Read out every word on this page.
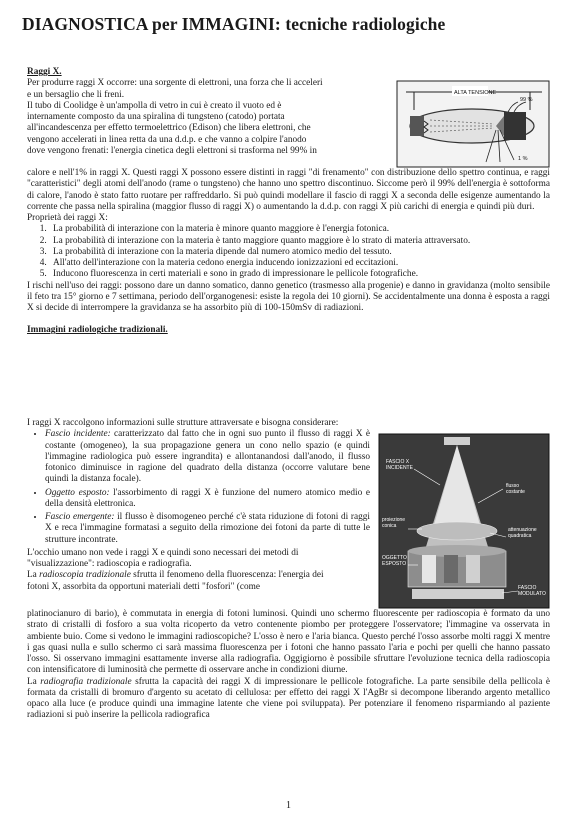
DIAGNOSTICA per IMMAGINI: tecniche radiologiche

Raggi X.

Per produrre raggi X occorre: una sorgente di elettroni, una forza che li acceleri

e un bersaglio che li freni.

Il tubo di Coolidge è un'ampolla di vetro in cui è creato il vuoto ed è

internamente composto da una spiralina di tungsteno (catodo) portata

all'incandescenza per effetto termoelettrico (Edison) che libera elettroni, che

vengono accelerati in linea retta da una d.d.p. e che vanno a colpire l'anodo

dove vengono frenati: l'energia cinetica degli elettroni si trasforma nel 99% in

ALTA TENSIONE
99 %
1 %

calore e nell'1% in raggi X. Questi raggi X possono essere distinti in raggi "di frenamento" con distribuzione dello spettro continua, e raggi "caratteristici" degli atomi dell'anodo (rame o tungsteno) che hanno uno spettro discontinuo. Siccome però il 99% dell'energia è sottoforma di calore, l'anodo è stato fatto ruotare per raffreddarlo. Si può quindi modellare il fascio di raggi X a seconda delle esigenze aumentando la corrente che passa nella spiralina (maggior flusso di raggi X) o aumentando la d.d.p. con raggi X più carichi di energia e quindi più duri.

Proprietà dei raggi X:

1. La probabilità di interazione con la materia è minore quanto maggiore è l'energia fotonica.
2. La probabilità di interazione con la materia è tanto maggiore quanto maggiore è lo strato di materia attraversato.
3. La probabilità di interazione con la materia dipende dal numero atomico medio del tessuto.
4. All'atto dell'interazione con la materia cedono energia inducendo ionizzazioni ed eccitazioni.
5. Inducono fluorescenza in certi materiali e sono in grado di impressionare le pellicole fotografiche.

I rischi nell'uso dei raggi: possono dare un danno somatico, danno genetico (trasmesso alla progenie) e danno in gravidanza (molto sensibile il feto tra 15° giorno e 7 settimana, periodo dell'organogenesi: esiste la regola dei 10 giorni). Se accidentalmente una donna è esposta a raggi X si decide di interrompere la gravidanza se ha assorbito più di 100-150mSv di radiazioni.

Immagini radiologiche tradizionali.

I raggi X raccolgono informazioni sulle strutture attraversate e bisogna considerare:

• Fascio incidente: caratterizzato dal fatto che in ogni suo punto il flusso di raggi X è costante (omogeneo), la sua propagazione genera un cono nello spazio (e quindi l'immagine radiologica può essere ingrandita) e allontanandosi dall'anodo, il flusso fotonico diminuisce in ragione del quadrato della distanza (occorre valutare bene quindi la distanza focale).
• Oggetto esposto: l'assorbimento di raggi X è funzione del numero atomico medio e della densità elettronica.
• Fascio emergente: il flusso è disomogeneo perché c'è stata riduzione di fotoni di raggi X e reca l'immagine formatasi a seguito della rimozione dei fotoni da parte di tutte le strutture incontrate.

L'occhio umano non vede i raggi X e quindi sono necessari dei metodi di

"visualizzazione": radioscopia e radiografia.

La radioscopia tradizionale sfrutta il fenomeno della fluorescenza: l'energia dei

fotoni X, assorbita da opportuni materiali detti "fosfori" (come

FASCIO X
INCIDENTE
flusso
costante
proiezione
conica
attenuazione
quadratica
OGGETTO
ESPOSTO
FASCIO
MODULATO

platinocianuro di bario), è commutata in energia di fotoni luminosi. Quindi uno schermo fluorescente per radioscopia è formato da uno strato di cristalli di fosforo a sua volta ricoperto da vetro contenente piombo per proteggere l'osservatore; l'immagine va osservata in ambiente buio. Come si vedono le immagini radioscopiche? L'osso è nero e l'aria bianca. Questo perché l'osso assorbe molti raggi X mentre i gas quasi nulla e sullo schermo ci sarà massima fluorescenza per i fotoni che hanno passato l'aria e pochi per quelli che hanno passato l'osso. Si osservano immagini esattamente inverse alla radiografia. Oggigiorno è possibile sfruttare l'evoluzione tecnica della radioscopia con intensificatore di luminosità che permette di osservare anche in condizioni diurne.

La radiografia tradizionale sfrutta la capacità dei raggi X di impressionare le pellicole fotografiche. La parte sensibile della pellicola è formata da cristalli di bromuro d'argento su acetato di cellulosa: per effetto dei raggi X l'AgBr si decompone liberando argento metallico opaco alla luce (e produce quindi una immagine latente che viene poi sviluppata). Per potenziare il fenomeno risparmiando al paziente radiazioni si può inserire la pellicola radiografica

1
